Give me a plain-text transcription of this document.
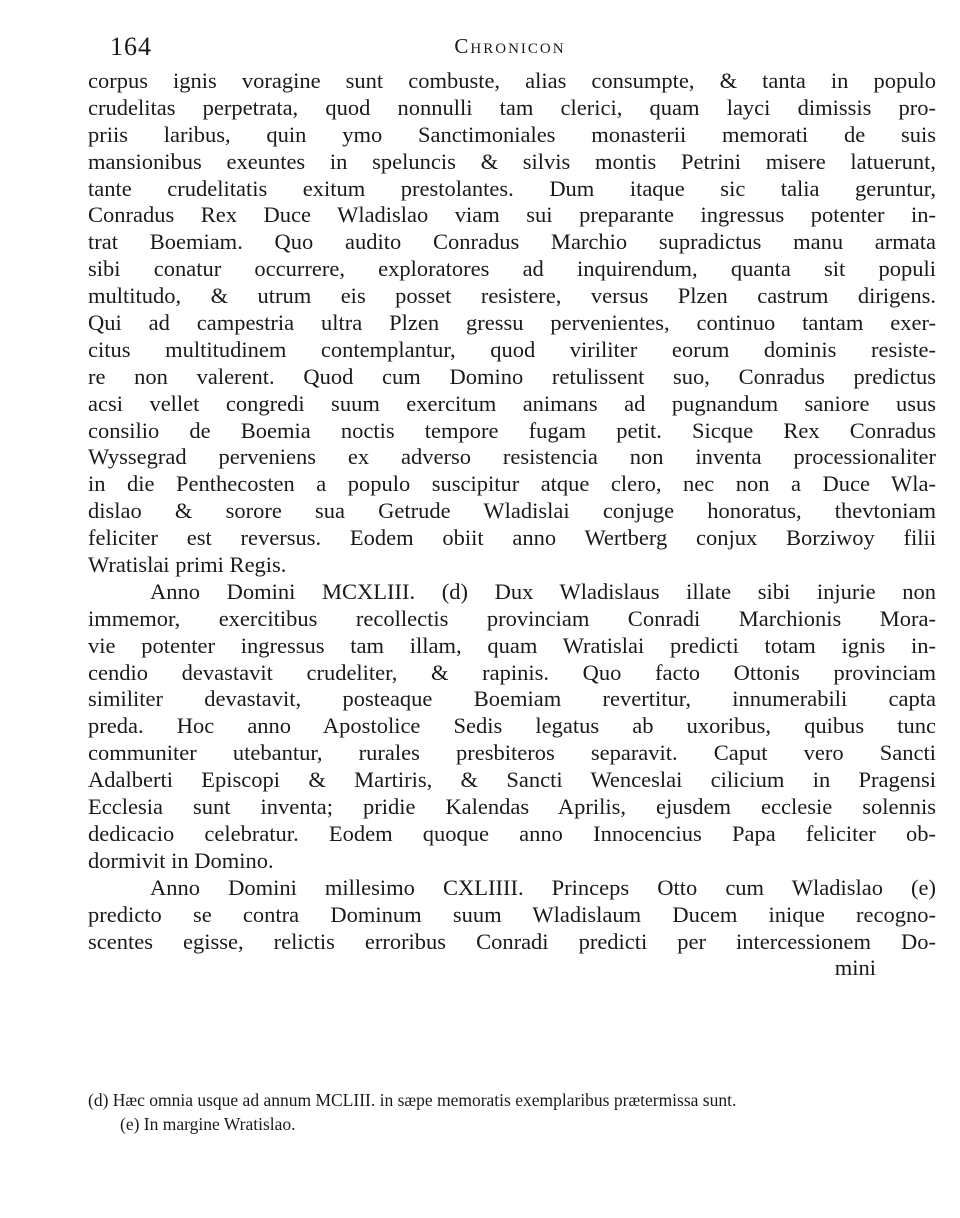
164	Chronicon
corpus ignis voragine sunt combuste, alias consumpte, & tanta in populo
crudelitas perpetrata, quod nonnulli tam clerici, quam layci dimissis pro-
priis laribus, quin ymo Sanctimoniales monasterii memorati de suis
mansionibus exeuntes in speluncis & silvis montis Petrini misere latuerunt,
tante crudelitatis exitum prestolantes. Dum itaque sic talia geruntur,
Conradus Rex Duce Wladislao viam sui preparante ingressus potenter in-
trat Boemiam. Quo audito Conradus Marchio supradictus manu armata
sibi conatur occurrere, exploratores ad inquirendum, quanta sit populi
multitudo, & utrum eis posset resistere, versus Plzen castrum dirigens.
Qui ad campestria ultra Plzen gressu pervenientes, continuo tantam exer-
citus multitudinem contemplantur, quod viriliter eorum dominis resiste-
re non valerent. Quod cum Domino retulissent suo, Conradus predictus
acsi vellet congredi suum exercitum animans ad pugnandum saniore usus
consilio de Boemia noctis tempore fugam petit. Sicque Rex Conradus
Wyssegrad perveniens ex adverso resistencia non inventa processionaliter
in die Penthecosten a populo suscipitur atque clero, nec non a Duce Wla-
dislao & sorore sua Getrude Wladislai conjuge honoratus, thevtoniam
feliciter est reversus. Eodem obiit anno Wertberg conjux Borziwoy filii
Wratislai primi Regis.
Anno Domini MCXLIII. (d) Dux Wladislaus illate sibi injurie non
immemor, exercitibus recollectis provinciam Conradi Marchionis Mora-
vie potenter ingressus tam illam, quam Wratislai predicti totam ignis in-
cendio devastavit crudeliter, & rapinis. Quo facto Ottonis provinciam
similiter devastavit, posteaque Boemiam revertitur, innumerabili capta
preda. Hoc anno Apostolice Sedis legatus ab uxoribus, quibus tunc
communiter utebantur, rurales presbiteros separavit. Caput vero Sancti
Adalberti Episcopi & Martiris, & Sancti Wenceslai cilicium in Pragensi
Ecclesia sunt inventa; pridie Kalendas Aprilis, ejusdem ecclesie solennis
dedicacio celebratur. Eodem quoque anno Innocencius Papa feliciter ob-
dormivit in Domino.
Anno Domini millesimo CXLIIII. Princeps Otto cum Wladislao (e)
predicto se contra Dominum suum Wladislaum Ducem inique recogno-
scentes egisse, relictis erroribus Conradi predicti per intercessionem Do-
mini
(d) Hæc omnia usque ad annum MCLIII. in sæpe memoratis exemplaribus prætermissa sunt.
(e) In margine Wratislao.
